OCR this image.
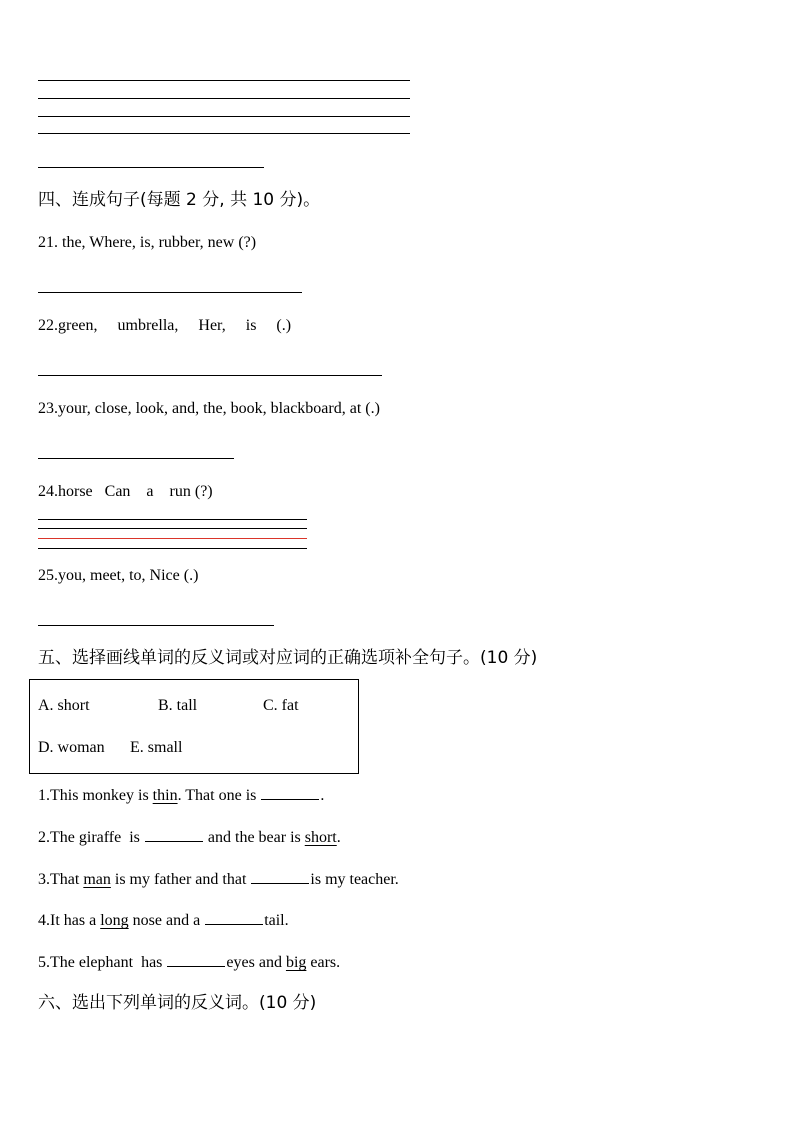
四、连成句子(每题 2 分, 共 10 分)。
21. the, Where, is, rubber, new (?)
22.green,     umbrella,     Her,     is     (.)
23.your, close, look, and, the, book, blackboard, at (.)
24.horse   Can    a    run (?)
25.you, meet, to, Nice (.)
五、选择画线单词的反义词或对应词的正确选项补全句子。(10 分)
A. short	B. tall	C. fat
D. woman E. small
1.This monkey is thin. That one is	.
2.The giraffe  is	and the bear is short.
3.That man is my father and that	is my teacher.
4.It has a long nose and a	tail.
5.The elephant  has	eyes and big ears.
六、选出下列单词的反义词。(10 分)
